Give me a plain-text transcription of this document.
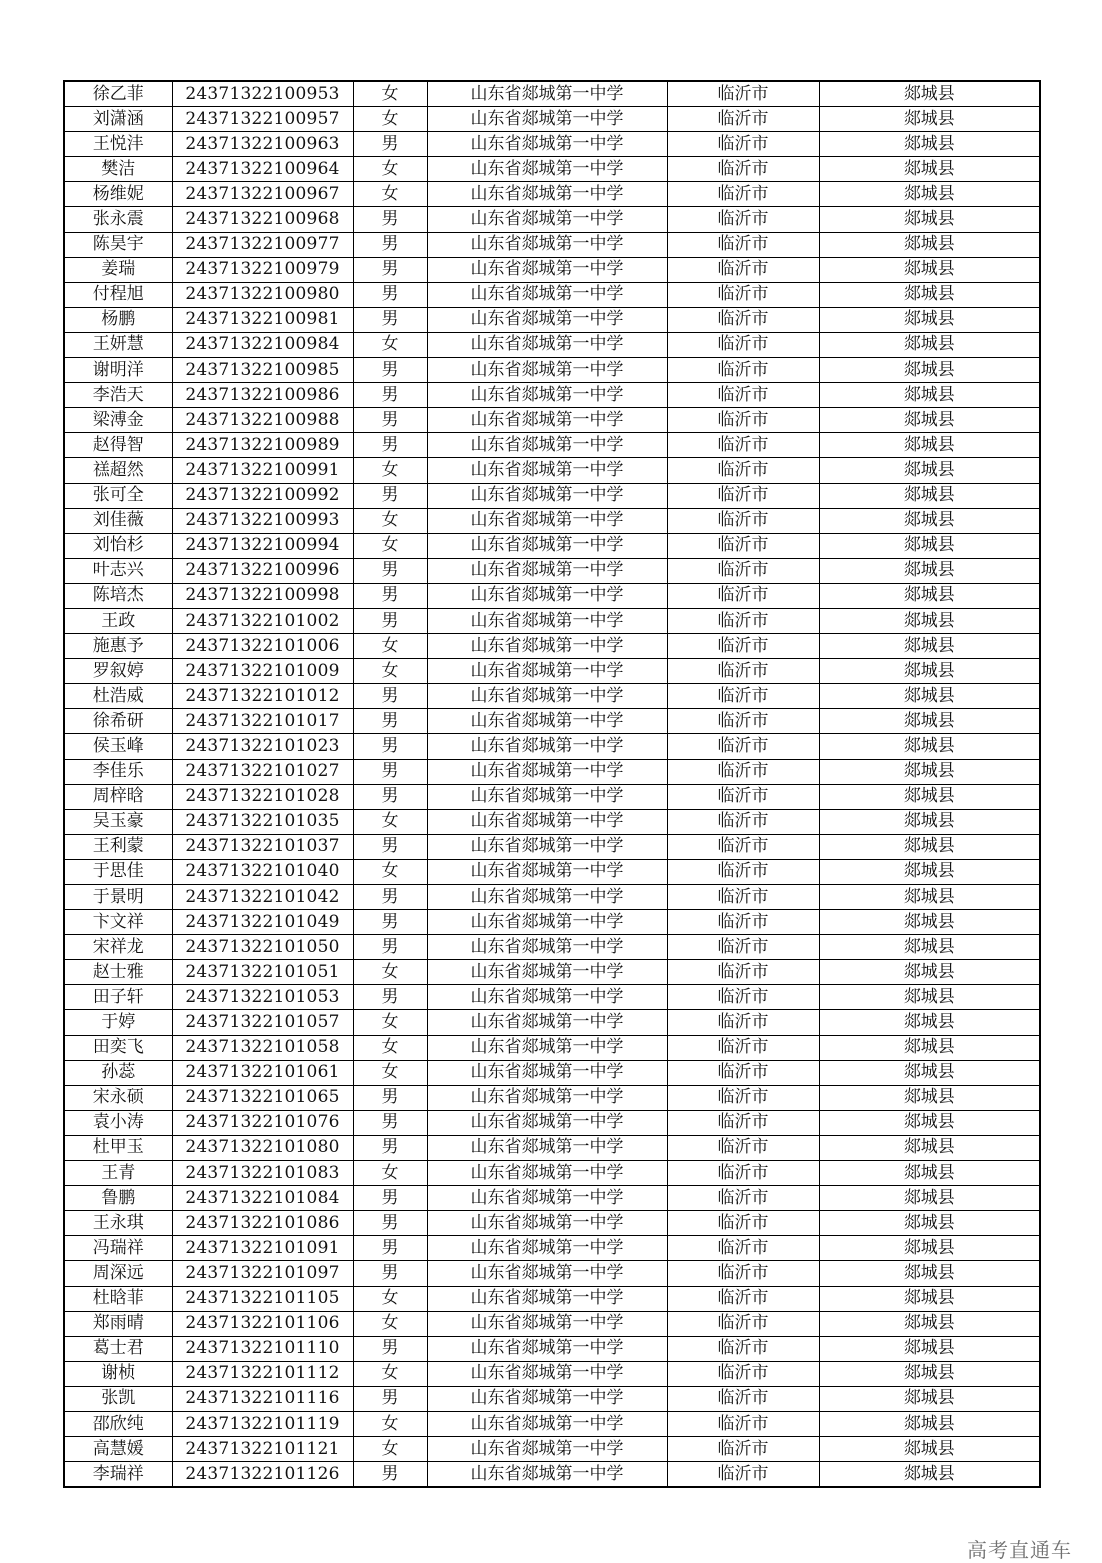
徐乙菲	24371322100953	女	山东省郯城第一中学	临沂市	郯城县
刘潇涵	24371322100957	女	山东省郯城第一中学	临沂市	郯城县
王悦沣	24371322100963	男	山东省郯城第一中学	临沂市	郯城县
樊洁	24371322100964	女	山东省郯城第一中学	临沂市	郯城县
杨维妮	24371322100967	女	山东省郯城第一中学	临沂市	郯城县
张永震	24371322100968	男	山东省郯城第一中学	临沂市	郯城县
陈昊宇	24371322100977	男	山东省郯城第一中学	临沂市	郯城县
姜瑞	24371322100979	男	山东省郯城第一中学	临沂市	郯城县
付程旭	24371322100980	男	山东省郯城第一中学	临沂市	郯城县
杨鹏	24371322100981	男	山东省郯城第一中学	临沂市	郯城县
王妍慧	24371322100984	女	山东省郯城第一中学	临沂市	郯城县
谢明洋	24371322100985	男	山东省郯城第一中学	临沂市	郯城县
李浩天	24371322100986	男	山东省郯城第一中学	临沂市	郯城县
梁溥金	24371322100988	男	山东省郯城第一中学	临沂市	郯城县
赵得智	24371322100989	男	山东省郯城第一中学	临沂市	郯城县
禚超然	24371322100991	女	山东省郯城第一中学	临沂市	郯城县
张可全	24371322100992	男	山东省郯城第一中学	临沂市	郯城县
刘佳薇	24371322100993	女	山东省郯城第一中学	临沂市	郯城县
刘怡杉	24371322100994	女	山东省郯城第一中学	临沂市	郯城县
叶志兴	24371322100996	男	山东省郯城第一中学	临沂市	郯城县
陈培杰	24371322100998	男	山东省郯城第一中学	临沂市	郯城县
王政	24371322101002	男	山东省郯城第一中学	临沂市	郯城县
施惠予	24371322101006	女	山东省郯城第一中学	临沂市	郯城县
罗叙婷	24371322101009	女	山东省郯城第一中学	临沂市	郯城县
杜浩威	24371322101012	男	山东省郯城第一中学	临沂市	郯城县
徐希研	24371322101017	男	山东省郯城第一中学	临沂市	郯城县
侯玉峰	24371322101023	男	山东省郯城第一中学	临沂市	郯城县
李佳乐	24371322101027	男	山东省郯城第一中学	临沂市	郯城县
周梓晗	24371322101028	男	山东省郯城第一中学	临沂市	郯城县
吴玉豪	24371322101035	女	山东省郯城第一中学	临沂市	郯城县
王利蒙	24371322101037	男	山东省郯城第一中学	临沂市	郯城县
于思佳	24371322101040	女	山东省郯城第一中学	临沂市	郯城县
于景明	24371322101042	男	山东省郯城第一中学	临沂市	郯城县
卞文祥	24371322101049	男	山东省郯城第一中学	临沂市	郯城县
宋祥龙	24371322101050	男	山东省郯城第一中学	临沂市	郯城县
赵士雅	24371322101051	女	山东省郯城第一中学	临沂市	郯城县
田子轩	24371322101053	男	山东省郯城第一中学	临沂市	郯城县
于婷	24371322101057	女	山东省郯城第一中学	临沂市	郯城县
田奕飞	24371322101058	女	山东省郯城第一中学	临沂市	郯城县
孙蕊	24371322101061	女	山东省郯城第一中学	临沂市	郯城县
宋永硕	24371322101065	男	山东省郯城第一中学	临沂市	郯城县
袁小涛	24371322101076	男	山东省郯城第一中学	临沂市	郯城县
杜甲玉	24371322101080	男	山东省郯城第一中学	临沂市	郯城县
王青	24371322101083	女	山东省郯城第一中学	临沂市	郯城县
鲁鹏	24371322101084	男	山东省郯城第一中学	临沂市	郯城县
王永琪	24371322101086	男	山东省郯城第一中学	临沂市	郯城县
冯瑞祥	24371322101091	男	山东省郯城第一中学	临沂市	郯城县
周深远	24371322101097	男	山东省郯城第一中学	临沂市	郯城县
杜晗菲	24371322101105	女	山东省郯城第一中学	临沂市	郯城县
郑雨晴	24371322101106	女	山东省郯城第一中学	临沂市	郯城县
葛士君	24371322101110	男	山东省郯城第一中学	临沂市	郯城县
谢桢	24371322101112	女	山东省郯城第一中学	临沂市	郯城县
张凯	24371322101116	男	山东省郯城第一中学	临沂市	郯城县
邵欣纯	24371322101119	女	山东省郯城第一中学	临沂市	郯城县
高慧媛	24371322101121	女	山东省郯城第一中学	临沂市	郯城县
李瑞祥	24371322101126	男	山东省郯城第一中学	临沂市	郯城县
高考直通车
